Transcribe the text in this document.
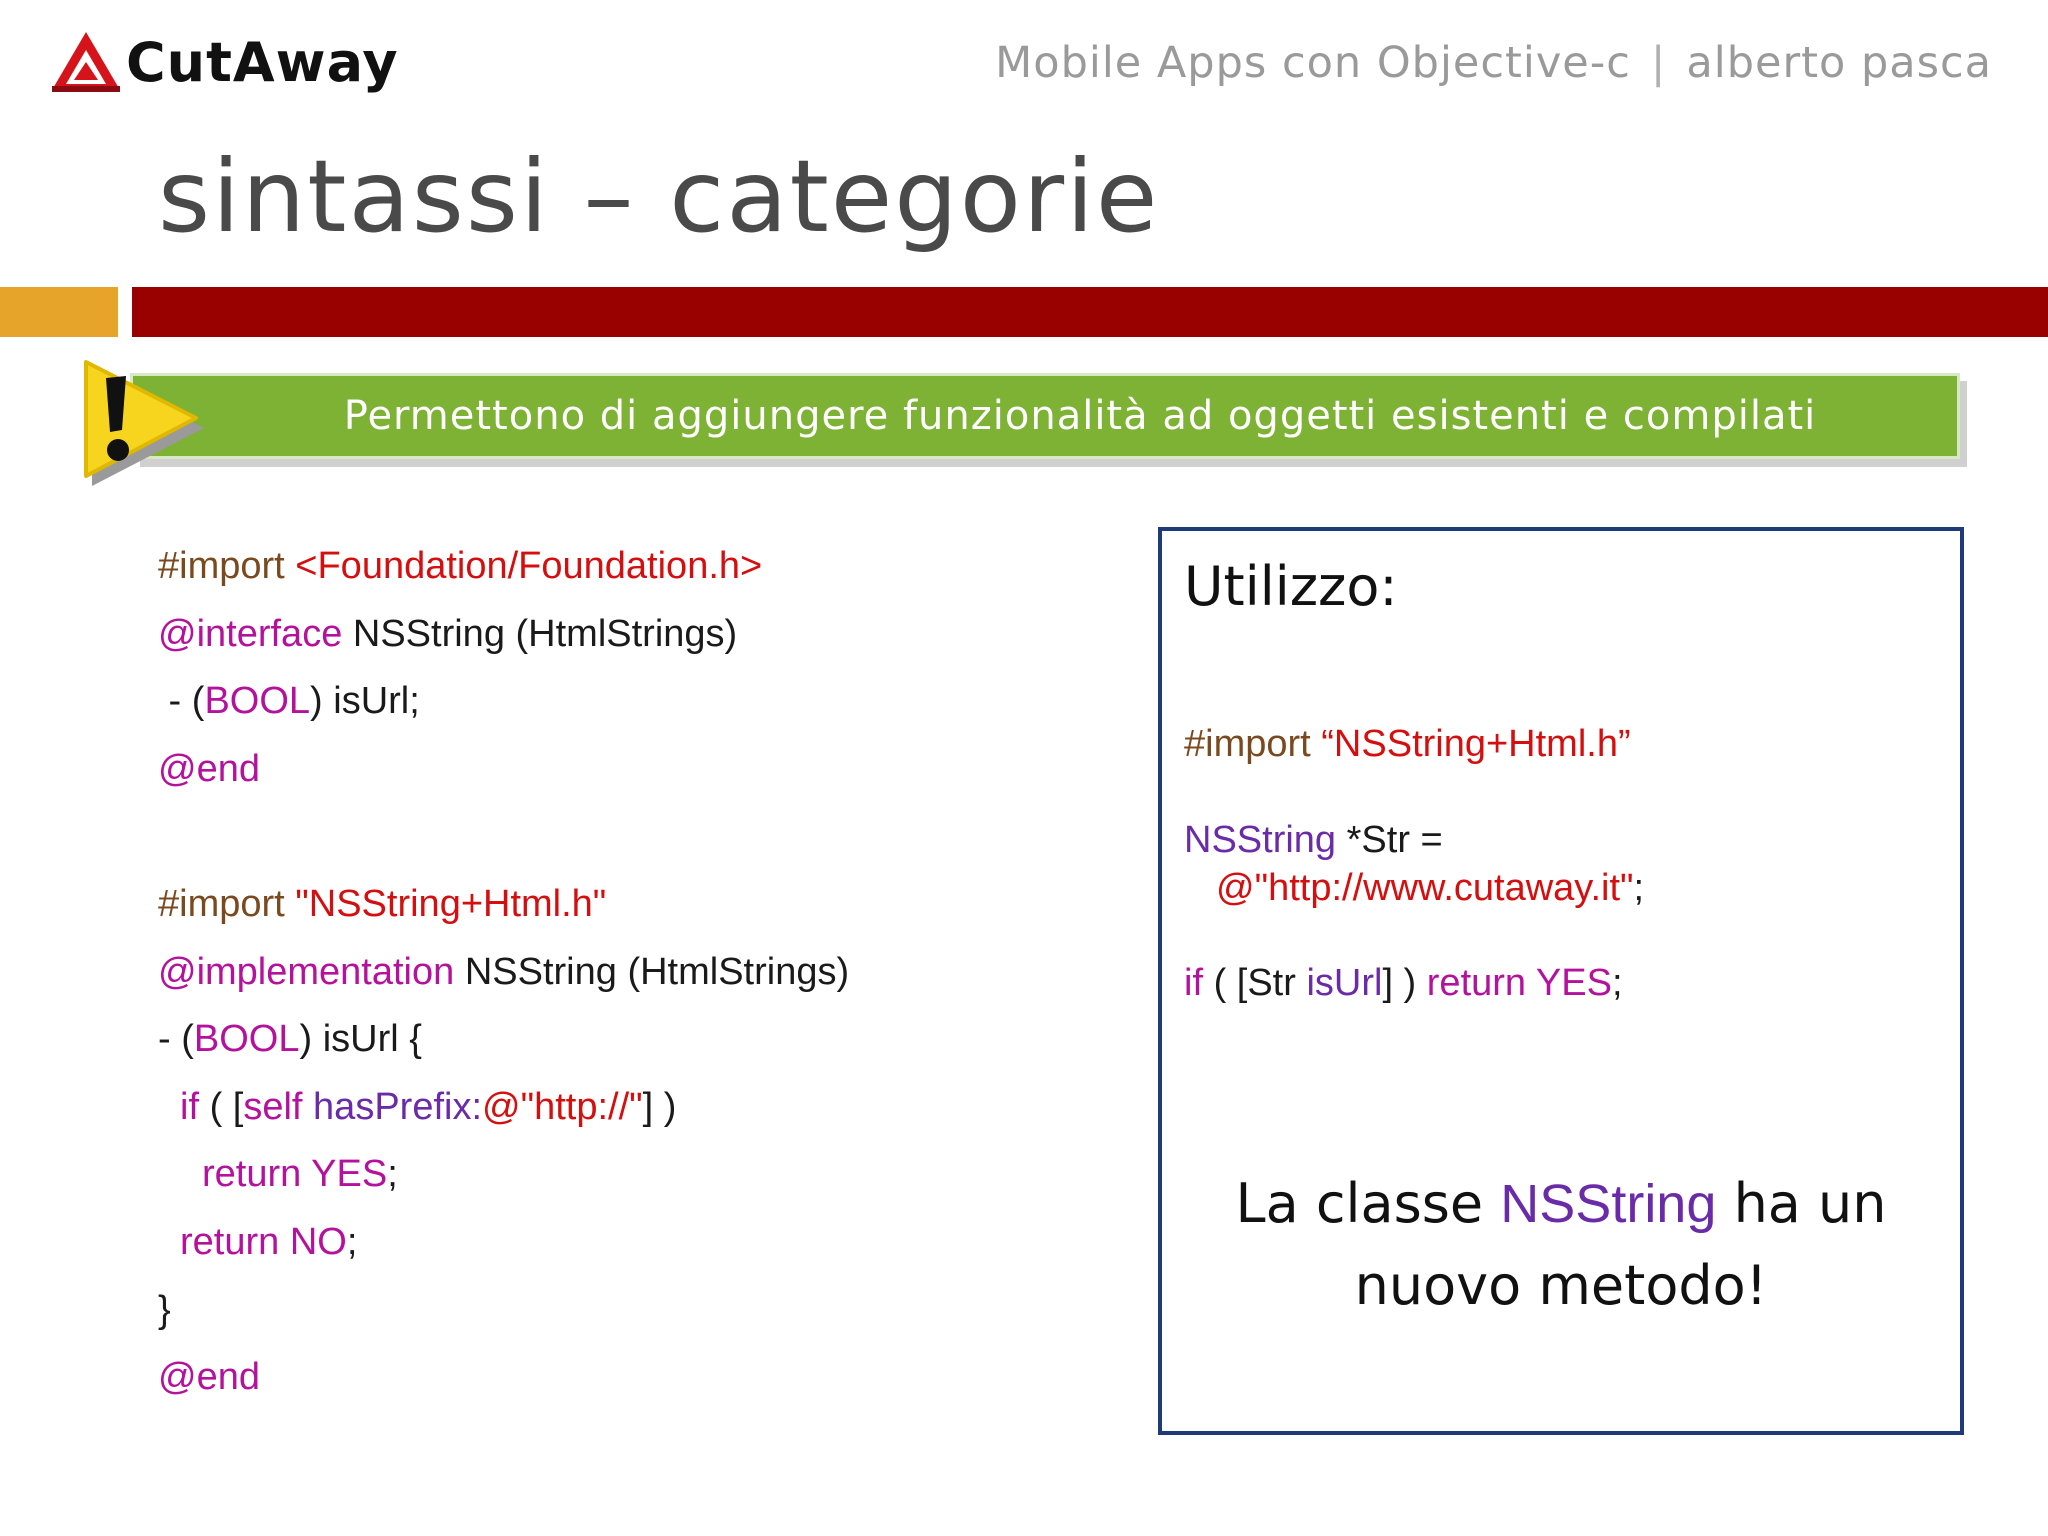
CutAway	Mobile Apps con Objective-c | alberto pasca
sintassi – categorie
Permettono di aggiungere funzionalità ad oggetti esistenti e compilati
#import <Foundation/Foundation.h>
@interface NSString (HtmlStrings)
- (BOOL) isUrl;
@end
#import "NSString+Html.h"
@implementation NSString (HtmlStrings)
- (BOOL) isUrl {
if ( [self hasPrefix:@"http://"] )
return YES;
return NO;
}
@end
Utilizzo:
#import “NSString+Html.h”
NSString *Str =
@"http://www.cutaway.it";
if ( [Str isUrl] ) return YES;
La classe NSString ha un
nuovo metodo!
